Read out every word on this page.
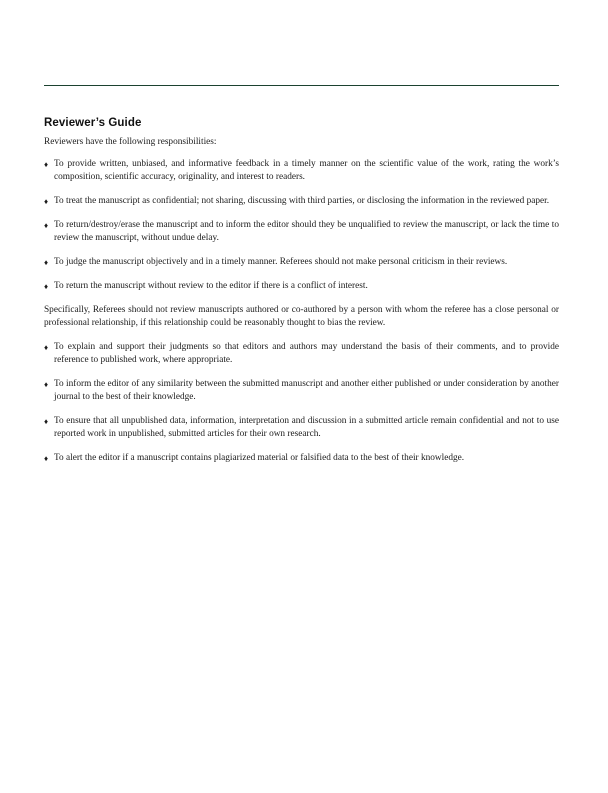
Reviewer’s Guide

Reviewers have the following responsibilities:

♦ To provide written, unbiased, and informative feedback in a timely manner on the scientific value of the work, rating the work’s composition, scientific accuracy, originality, and interest to readers.
♦ To treat the manuscript as confidential; not sharing, discussing with third parties, or disclosing the information in the reviewed paper.
♦ To return/destroy/erase the manuscript and to inform the editor should they be unqualified to review the manuscript, or lack the time to review the manuscript, without undue delay.
♦ To judge the manuscript objectively and in a timely manner. Referees should not make personal criticism in their reviews.
♦ To return the manuscript without review to the editor if there is a conflict of interest.

Specifically, Referees should not review manuscripts authored or co-authored by a person with whom the referee has a close personal or professional relationship, if this relationship could be reasonably thought to bias the review.

♦ To explain and support their judgments so that editors and authors may understand the basis of their comments, and to provide reference to published work, where appropriate.
♦ To inform the editor of any similarity between the submitted manuscript and another either published or under consideration by another journal to the best of their knowledge.
♦ To ensure that all unpublished data, information, interpretation and discussion in a submitted article remain confidential and not to use reported work in unpublished, submitted articles for their own research.
♦ To alert the editor if a manuscript contains plagiarized material or falsified data to the best of their knowledge.
